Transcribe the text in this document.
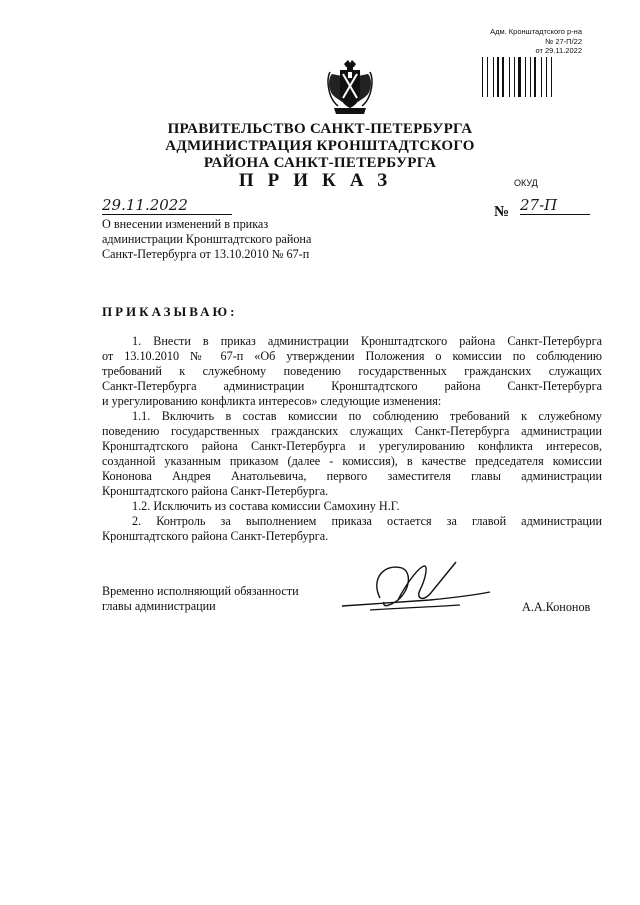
Адм. Кронштадтского р-на
№ 27-П/22
от 29.11.2022
ПРАВИТЕЛЬСТВО САНКТ-ПЕТЕРБУРГА
АДМИНИСТРАЦИЯ КРОНШТАДТСКОГО
РАЙОНА САНКТ-ПЕТЕРБУРГА
ПРИКАЗ	ОКУД
29.11.2022	№ 27-П
О внесении изменений в приказ
администрации Кронштадтского района
Санкт-Петербурга от 13.10.2010 № 67-п
ПРИКАЗЫВАЮ:
1. Внести в приказ администрации Кронштадтского района Санкт-Петербурга
от 13.10.2010 № 67-п «Об утверждении Положения о комиссии по соблюдению
требований к служебному поведению государственных гражданских служащих
Санкт-Петербурга администрации Кронштадтского района Санкт-Петербурга
и урегулированию конфликта интересов» следующие изменения:
1.1. Включить в состав комиссии по соблюдению требований к служебному
поведению государственных гражданских служащих Санкт-Петербурга администрации
Кронштадтского района Санкт-Петербурга и урегулированию конфликта интересов,
созданной указанным приказом (далее - комиссия), в качестве председателя комиссии
Кононова Андрея Анатольевича, первого заместителя главы администрации
Кронштадтского района Санкт-Петербурга.
1.2. Исключить из состава комиссии Самохину Н.Г.
2. Контроль за выполнением приказа остается за главой администрации
Кронштадтского района Санкт-Петербурга.
Временно исполняющий обязанности
главы администрации	А.А.Кононов
